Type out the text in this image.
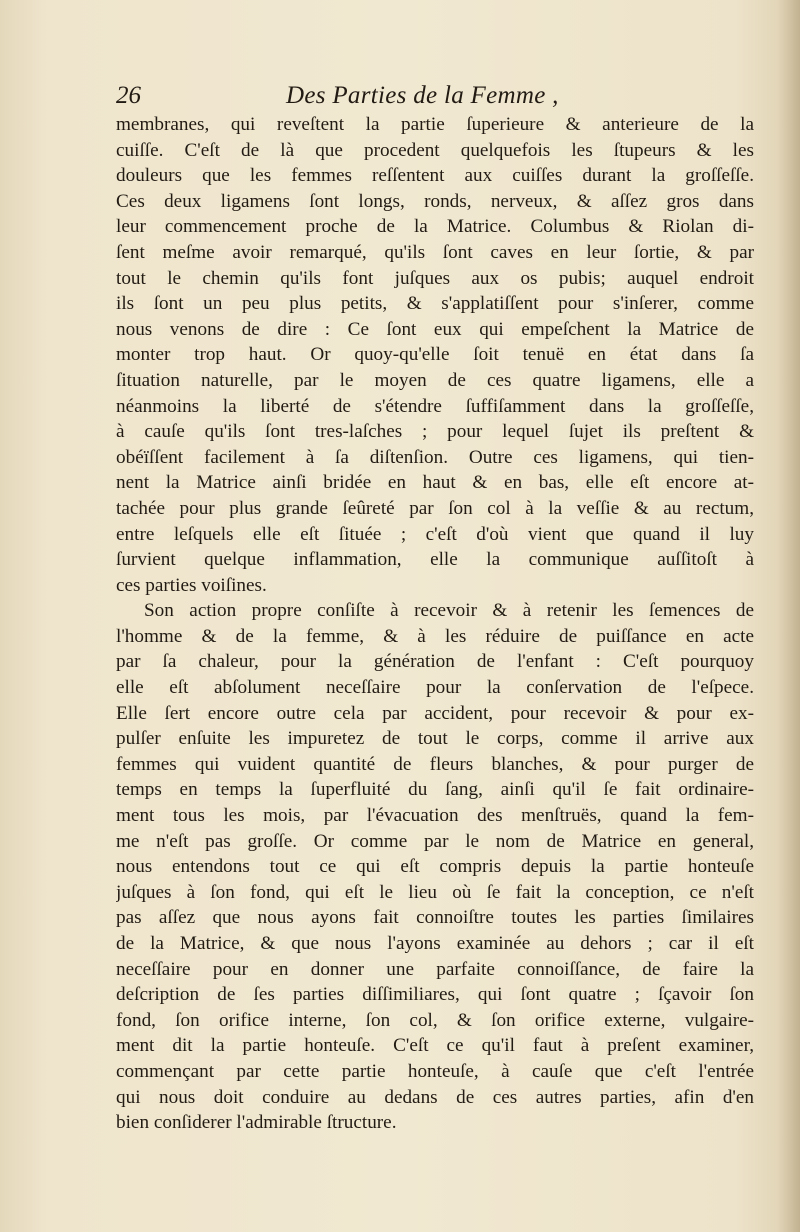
26	Des Parties de la Femme ,
membranes, qui reveſtent la partie ſuperieure & anterieure de la
cuiſſe. C'eſt de là que procedent quelquefois les ſtupeurs & les
douleurs que les femmes reſſentent aux cuiſſes durant la groſſeſſe.
Ces deux ligamens ſont longs, ronds, nerveux, & aſſez gros dans
leur commencement proche de la Matrice. Columbus & Riolan di-
ſent meſme avoir remarqué, qu'ils ſont caves en leur ſortie, & par
tout le chemin qu'ils font juſques aux os pubis; auquel endroit
ils ſont un peu plus petits, & s'applatiſſent pour s'inſerer, comme
nous venons de dire : Ce ſont eux qui empeſchent la Matrice de
monter trop haut. Or quoy-qu'elle ſoit tenuë en état dans ſa
ſituation naturelle, par le moyen de ces quatre ligamens, elle a
néanmoins la liberté de s'étendre ſuffiſamment dans la groſſeſſe,
à cauſe qu'ils ſont tres-laſches ; pour lequel ſujet ils preſtent &
obéïſſent facilement à ſa diſtenſion. Outre ces ligamens, qui tien-
nent la Matrice ainſi bridée en haut & en bas, elle eſt encore at-
tachée pour plus grande ſeûreté par ſon col à la veſſie & au rectum,
entre leſquels elle eſt ſituée ; c'eſt d'où vient que quand il luy
ſurvient quelque inflammation, elle la communique auſſitoſt à
ces parties voiſines.
Son action propre conſiſte à recevoir & à retenir les ſemences de
l'homme & de la femme, & à les réduire de puiſſance en acte
par ſa chaleur, pour la génération de l'enfant : C'eſt pourquoy
elle eſt abſolument neceſſaire pour la conſervation de l'eſpece.
Elle ſert encore outre cela par accident, pour recevoir & pour ex-
pulſer enſuite les impuretez de tout le corps, comme il arrive aux
femmes qui vuident quantité de fleurs blanches, & pour purger de
temps en temps la ſuperfluité du ſang, ainſi qu'il ſe fait ordinaire-
ment tous les mois, par l'évacuation des menſtruës, quand la fem-
me n'eſt pas groſſe. Or comme par le nom de Matrice en general,
nous entendons tout ce qui eſt compris depuis la partie honteuſe
juſques à ſon fond, qui eſt le lieu où ſe fait la conception, ce n'eſt
pas aſſez que nous ayons fait connoiſtre toutes les parties ſimilaires
de la Matrice, & que nous l'ayons examinée au dehors ; car il eſt
neceſſaire pour en donner une parfaite connoiſſance, de faire la
deſcription de ſes parties diſſimiliares, qui ſont quatre ; ſçavoir ſon
fond, ſon orifice interne, ſon col, & ſon orifice externe, vulgaire-
ment dit la partie honteuſe. C'eſt ce qu'il faut à preſent examiner,
commençant par cette partie honteuſe, à cauſe que c'eſt l'entrée
qui nous doit conduire au dedans de ces autres parties, afin d'en
bien conſiderer l'admirable ſtructure.
